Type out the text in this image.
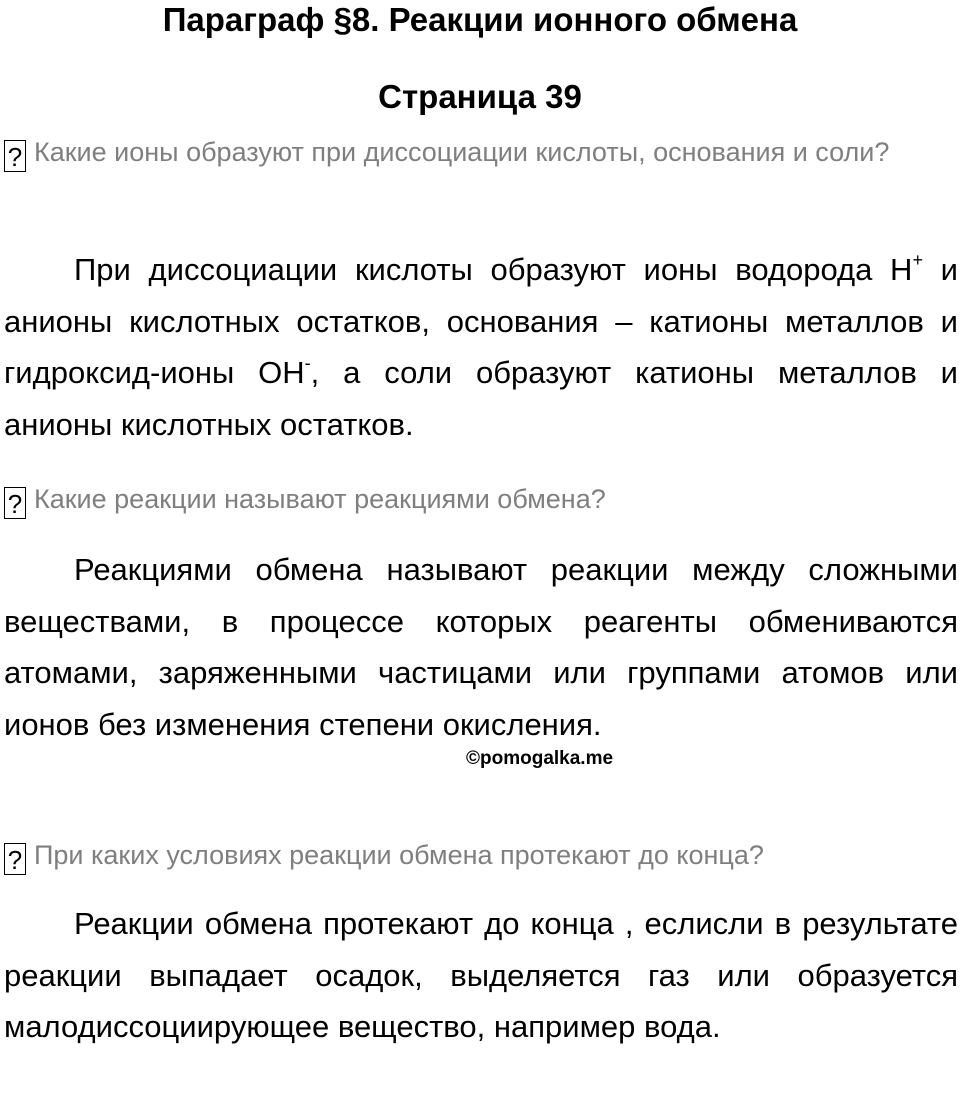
Параграф §8. Реакции ионного обмена
Страница 39
? Какие ионы образуют при диссоциации кислоты, основания и соли?

При диссоциации кислоты образуют ионы водорода H+ и анионы кислотных остатков, основания – катионы металлов и гидроксид-ионы OH-, а соли образуют катионы металлов и анионы кислотных остатков.

? Какие реакции называют реакциями обмена?

Реакциями обмена называют реакции между сложными веществами, в процессе которых реагенты обмениваются атомами, заряженными частицами или группами атомов или ионов без изменения степени окисления.

©pomogalka.me
? При каких условиях реакции обмена протекают до конца?

Реакции обмена протекают до конца , еслисли в результате реакции выпадает осадок, выделяется газ или образуется малодиссоциирующее вещество, например вода.
